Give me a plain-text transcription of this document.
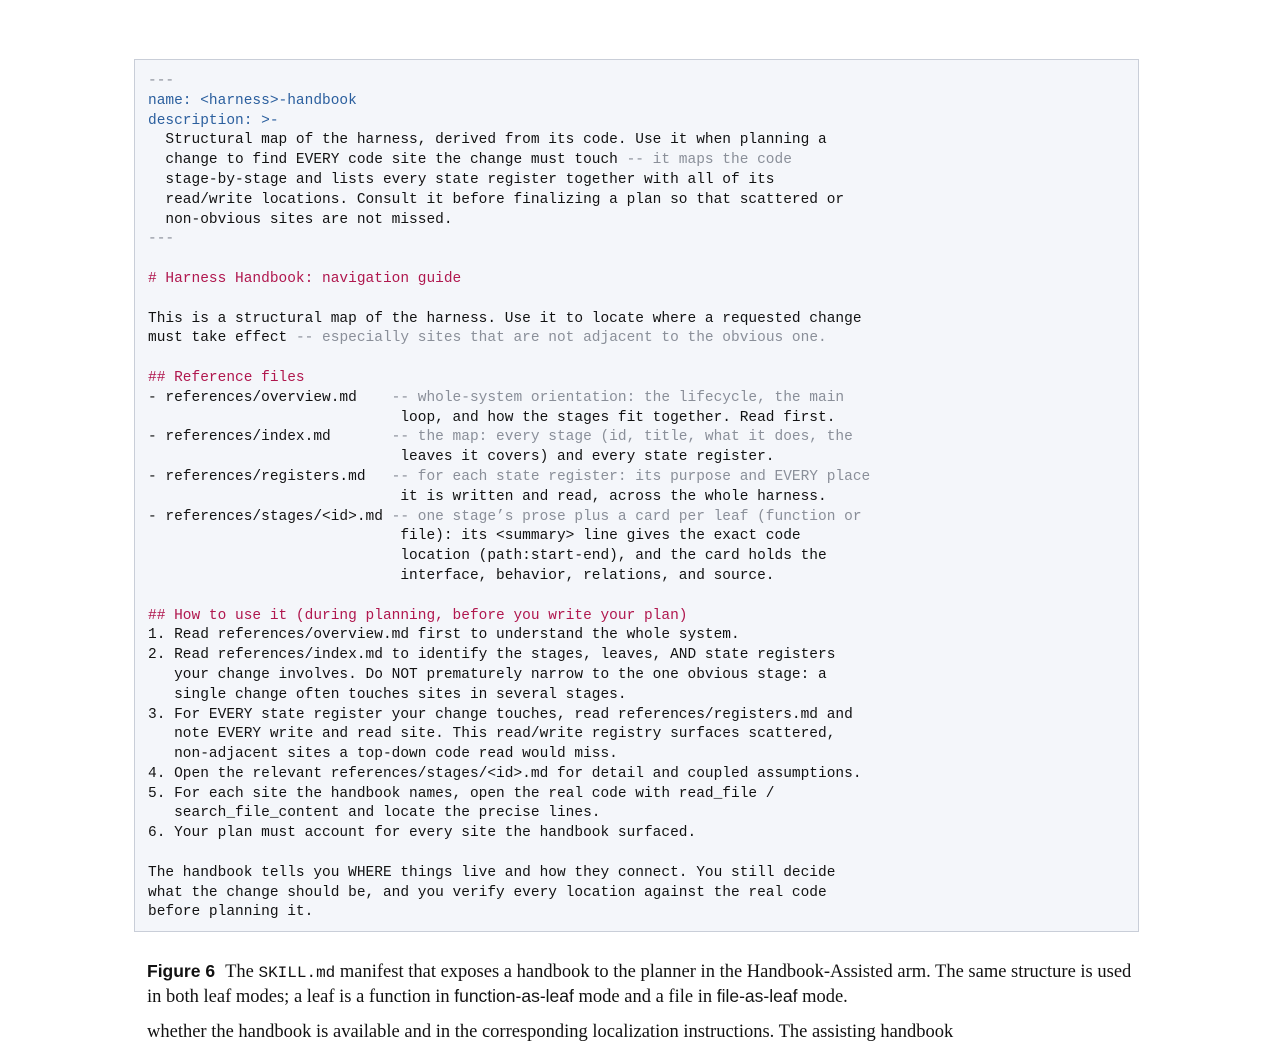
---
name: <harness>-handbook
description: >-
Structural map of the harness, derived from its code. Use it when planning a
change to find EVERY code site the change must touch -- it maps the code
stage-by-stage and lists every state register together with all of its
read/write locations. Consult it before finalizing a plan so that scattered or
non-obvious sites are not missed.
---

# Harness Handbook: navigation guide

This is a structural map of the harness. Use it to locate where a requested change
must take effect -- especially sites that are not adjacent to the obvious one.

## Reference files
- references/overview.md    -- whole-system orientation: the lifecycle, the main
loop, and how the stages fit together. Read first.
- references/index.md       -- the map: every stage (id, title, what it does, the
leaves it covers) and every state register.
- references/registers.md   -- for each state register: its purpose and EVERY place
it is written and read, across the whole harness.
- references/stages/<id>.md -- one stage’s prose plus a card per leaf (function or
file): its <summary> line gives the exact code
location (path:start-end), and the card holds the
interface, behavior, relations, and source.

## How to use it (during planning, before you write your plan)
1. Read references/overview.md first to understand the whole system.
2. Read references/index.md to identify the stages, leaves, AND state registers
your change involves. Do NOT prematurely narrow to the one obvious stage: a
single change often touches sites in several stages.
3. For EVERY state register your change touches, read references/registers.md and
note EVERY write and read site. This read/write registry surfaces scattered,
non-adjacent sites a top-down code read would miss.
4. Open the relevant references/stages/<id>.md for detail and coupled assumptions.
5. For each site the handbook names, open the real code with read_file /
search_file_content and locate the precise lines.
6. Your plan must account for every site the handbook surfaced.

The handbook tells you WHERE things live and how they connect. You still decide
what the change should be, and you verify every location against the real code
before planning it.
Figure 6 The SKILL.md manifest that exposes a handbook to the planner in the Handbook-Assisted arm. The same structure is used in both leaf modes; a leaf is a function in function-as-leaf mode and a file in file-as-leaf mode.
whether the handbook is available and in the corresponding localization instructions. The assisting handbook
